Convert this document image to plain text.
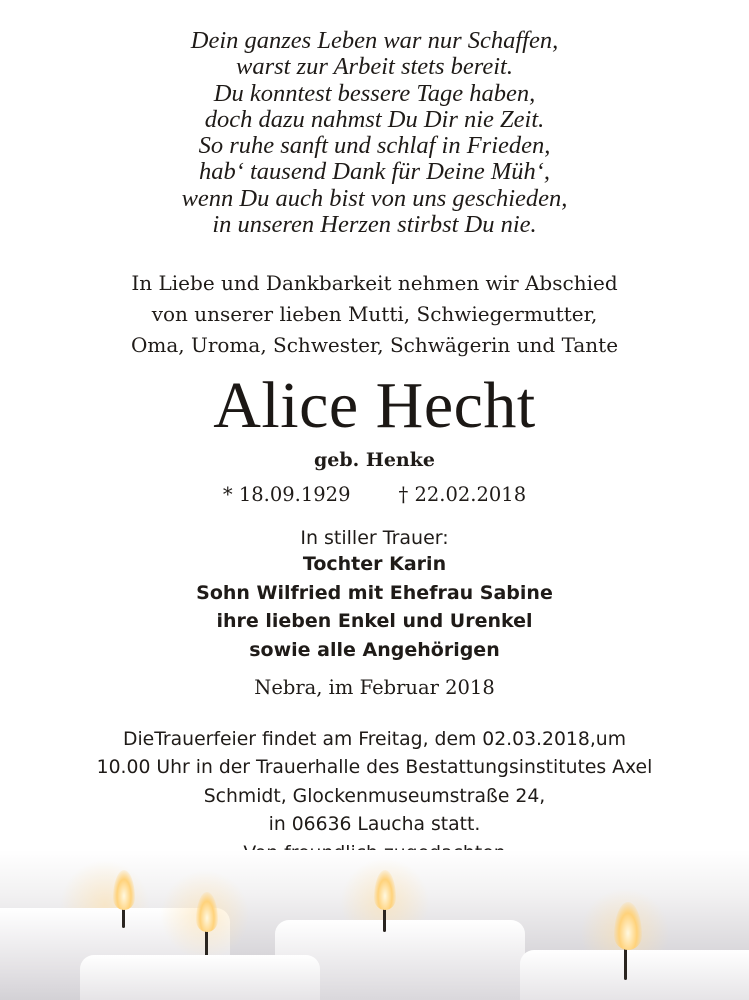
Dein ganzes Leben war nur Schaffen,
warst zur Arbeit stets bereit.
Du konntest bessere Tage haben,
doch dazu nahmst Du Dir nie Zeit.
So ruhe sanft und schlaf in Frieden,
hab‘ tausend Dank für Deine Müh‘,
wenn Du auch bist von uns geschieden,
in unseren Herzen stirbst Du nie.
In Liebe und Dankbarkeit nehmen wir Abschied
von unserer lieben Mutti, Schwiegermutter,
Oma, Uroma, Schwester, Schwägerin und Tante
Alice Hecht
geb. Henke
* 18.09.1929 † 22.02.2018
In stiller Trauer:
Tochter Karin
Sohn Wilfried mit Ehefrau Sabine
ihre lieben Enkel und Urenkel
sowie alle Angehörigen
Nebra, im Februar 2018
DieTrauerfeier findet am Freitag, dem 02.03.2018,um
10.00 Uhr in der Trauerhalle des Bestattungsinstitutes Axel
Schmidt, Glockenmuseumstraße 24,
in 06636 Laucha statt.
